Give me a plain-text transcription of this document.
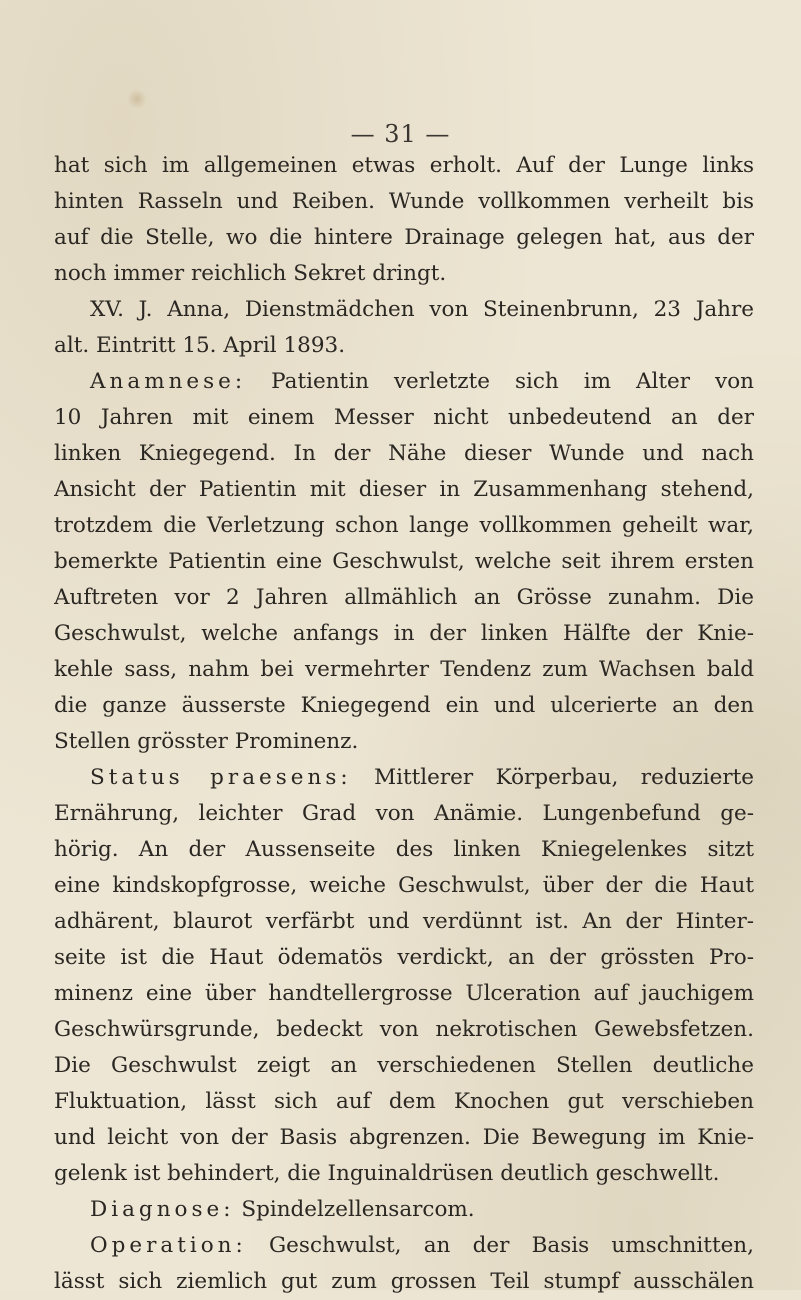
— 31 —
hat sich im allgemeinen etwas erholt. Auf der Lunge links
hinten Rasseln und Reiben. Wunde vollkommen verheilt bis
auf die Stelle, wo die hintere Drainage gelegen hat, aus der
noch immer reichlich Sekret dringt.
XV. J. Anna, Dienstmädchen von Steinenbrunn, 23 Jahre
alt. Eintritt 15. April 1893.
Anamnese: Patientin verletzte sich im Alter von
10 Jahren mit einem Messer nicht unbedeutend an der
linken Kniegegend. In der Nähe dieser Wunde und nach
Ansicht der Patientin mit dieser in Zusammenhang stehend,
trotzdem die Verletzung schon lange vollkommen geheilt war,
bemerkte Patientin eine Geschwulst, welche seit ihrem ersten
Auftreten vor 2 Jahren allmählich an Grösse zunahm. Die
Geschwulst, welche anfangs in der linken Hälfte der Knie-
kehle sass, nahm bei vermehrter Tendenz zum Wachsen bald
die ganze äusserste Kniegegend ein und ulcerierte an den
Stellen grösster Prominenz.
Status praesens: Mittlerer Körperbau, reduzierte
Ernährung, leichter Grad von Anämie. Lungenbefund ge-
hörig. An der Aussenseite des linken Kniegelenkes sitzt
eine kindskopfgrosse, weiche Geschwulst, über der die Haut
adhärent, blaurot verfärbt und verdünnt ist. An der Hinter-
seite ist die Haut ödematös verdickt, an der grössten Pro-
minenz eine über handtellergrosse Ulceration auf jauchigem
Geschwürsgrunde, bedeckt von nekrotischen Gewebsfetzen.
Die Geschwulst zeigt an verschiedenen Stellen deutliche
Fluktuation, lässt sich auf dem Knochen gut verschieben
und leicht von der Basis abgrenzen. Die Bewegung im Knie-
gelenk ist behindert, die Inguinaldrüsen deutlich geschwellt.
Diagnose: Spindelzellensarcom.
Operation: Geschwulst, an der Basis umschnitten,
lässt sich ziemlich gut zum grossen Teil stumpf ausschälen
